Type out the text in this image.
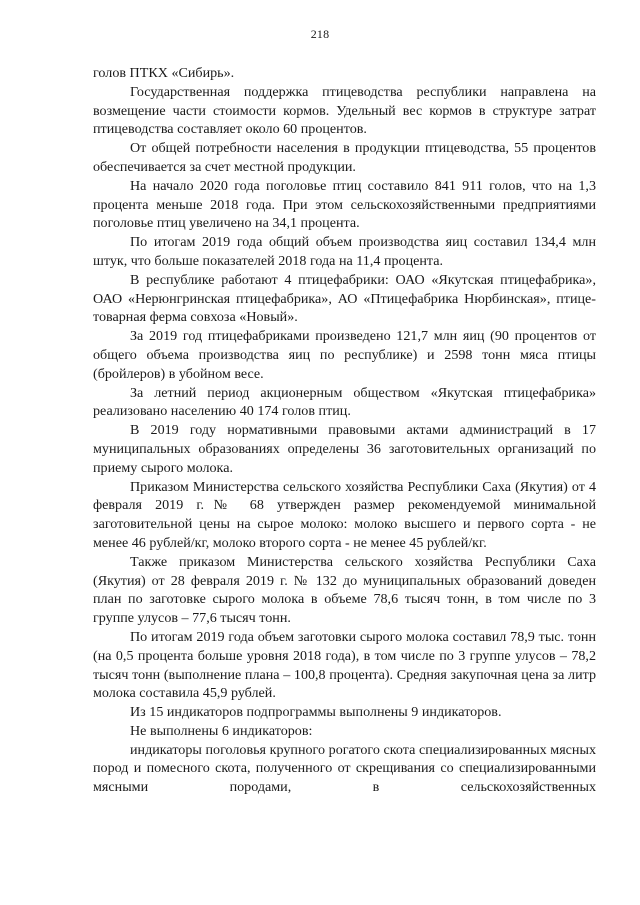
218

голов ПТКХ «Сибирь».

Государственная поддержка птицеводства республики направлена на возмещение части стоимости кормов. Удельный вес кормов в структуре затрат птицеводства составляет около 60 процентов.

От общей потребности населения в продукции птицеводства, 55 процентов обеспечивается за счет местной продукции.

На начало 2020 года поголовье птиц составило 841 911 голов, что на 1,3 процента меньше 2018 года. При этом сельскохозяйственными предприятиями поголовье птиц увеличено на 34,1 процента.

По итогам 2019 года общий объем производства яиц составил 134,4 млн штук, что больше показателей 2018 года на 11,4 процента.

В республике работают 4 птицефабрики: ОАО «Якутская птицефабрика», ОАО «Нерюнгринская птицефабрика», АО «Птицефабрика Нюрбинская», птице-товарная ферма совхоза «Новый».

За 2019 год птицефабриками произведено 121,7 млн яиц (90 процентов от общего объема производства яиц по республике) и 2598 тонн мяса птицы (бройлеров) в убойном весе.

За летний период акционерным обществом «Якутская птицефабрика» реализовано населению 40 174 голов птиц.

В 2019 году нормативными правовыми актами администраций в 17 муниципальных образованиях определены 36 заготовительных организаций по приему сырого молока.

Приказом Министерства сельского хозяйства Республики Саха (Якутия) от 4 февраля 2019 г.№ 68 утвержден размер рекомендуемой минимальной заготовительной цены на сырое молоко: молоко высшего и первого сорта - не менее 46 рублей/кг, молоко второго сорта - не менее 45 рублей/кг.

Также приказом Министерства сельского хозяйства Республики Саха (Якутия) от 28 февраля 2019 г. № 132 до муниципальных образований доведен план по заготовке сырого молока в объеме 78,6 тысяч тонн, в том числе по 3 группе улусов – 77,6 тысяч тонн.

По итогам 2019 года объем заготовки сырого молока составил 78,9 тыс. тонн (на 0,5 процента больше уровня 2018 года), в том числе по 3 группе улусов – 78,2 тысяч тонн (выполнение плана – 100,8 процента). Средняя закупочная цена за литр молока составила 45,9 рублей.

Из 15 индикаторов подпрограммы выполнены 9 индикаторов.

Не выполнены 6 индикаторов:

индикаторы поголовья крупного рогатого скота специализированных мясных пород и помесного скота, полученного от скрещивания со специализированными мясными породами, в сельскохозяйственных
